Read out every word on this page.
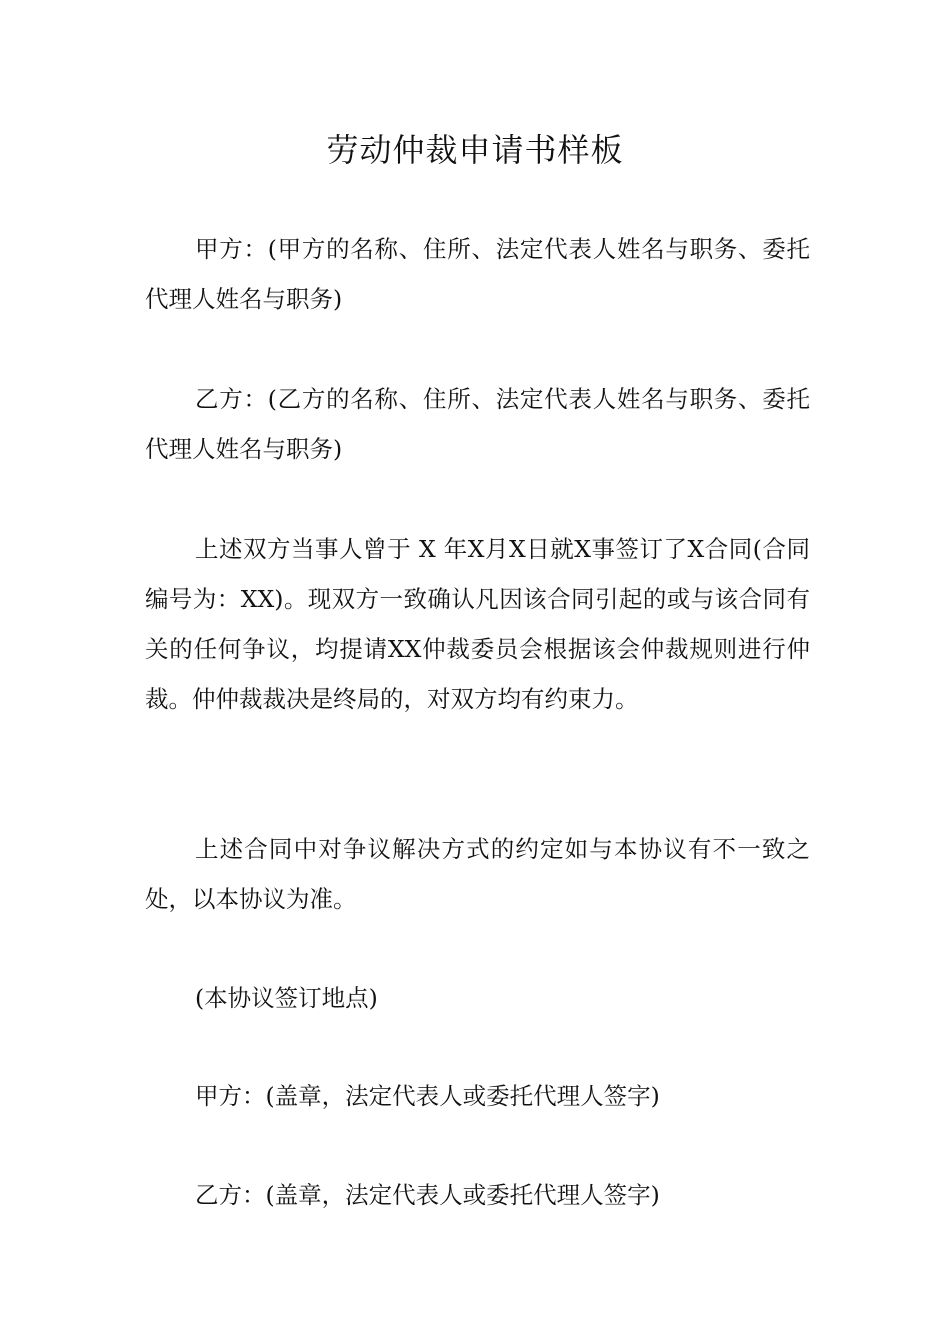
劳动仲裁申请书样板

甲方：(甲方的名称、住所、法定代表人姓名与职务、委托代理人姓名与职务)

乙方：(乙方的名称、住所、法定代表人姓名与职务、委托代理人姓名与职务)

上述双方当事人曾于 X 年X月X日就X事签订了X合同(合同编号为：XX)。现双方一致确认凡因该合同引起的或与该合同有关的任何争议，均提请XX仲裁委员会根据该会仲裁规则进行仲裁。仲仲裁裁决是终局的，对双方均有约束力。

上述合同中对争议解决方式的约定如与本协议有不一致之处，以本协议为准。

(本协议签订地点)

甲方：(盖章，法定代表人或委托代理人签字)

乙方：(盖章，法定代表人或委托代理人签字)
